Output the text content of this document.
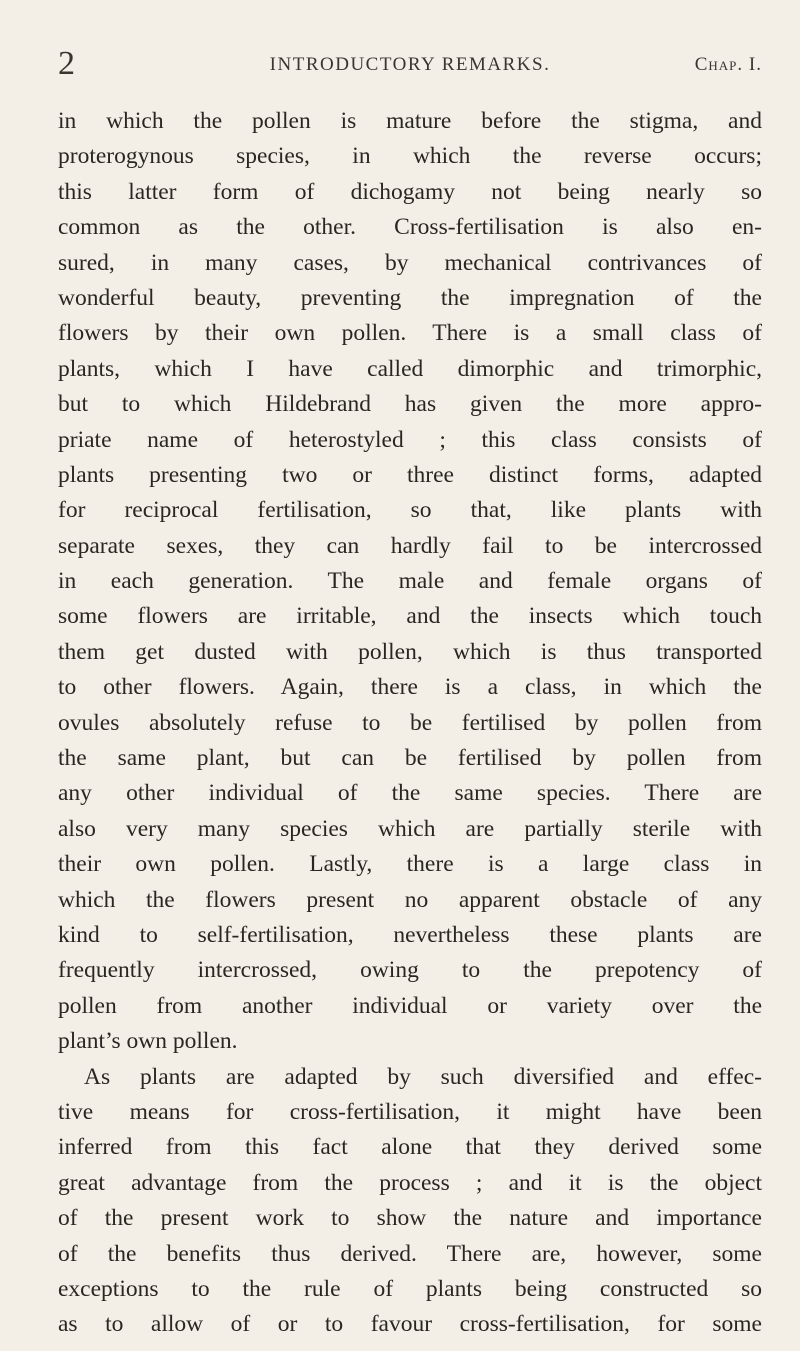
2	INTRODUCTORY REMARKS.	Chap. I.
in which the pollen is mature before the stigma, and
proterogynous species, in which the reverse occurs;
this latter form of dichogamy not being nearly so
common as the other. Cross-fertilisation is also en-
sured, in many cases, by mechanical contrivances of
wonderful beauty, preventing the impregnation of the
flowers by their own pollen. There is a small class of
plants, which I have called dimorphic and trimorphic,
but to which Hildebrand has given the more appro-
priate name of heterostyled ; this class consists of
plants presenting two or three distinct forms, adapted
for reciprocal fertilisation, so that, like plants with
separate sexes, they can hardly fail to be intercrossed
in each generation. The male and female organs of
some flowers are irritable, and the insects which touch
them get dusted with pollen, which is thus transported
to other flowers. Again, there is a class, in which the
ovules absolutely refuse to be fertilised by pollen from
the same plant, but can be fertilised by pollen from
any other individual of the same species. There are
also very many species which are partially sterile with
their own pollen. Lastly, there is a large class in
which the flowers present no apparent obstacle of any
kind to self-fertilisation, nevertheless these plants are
frequently intercrossed, owing to the prepotency of
pollen from another individual or variety over the
plant’s own pollen.
As plants are adapted by such diversified and effec-
tive means for cross-fertilisation, it might have been
inferred from this fact alone that they derived some
great advantage from the process ; and it is the object
of the present work to show the nature and importance
of the benefits thus derived. There are, however, some
exceptions to the rule of plants being constructed so
as to allow of or to favour cross-fertilisation, for some
